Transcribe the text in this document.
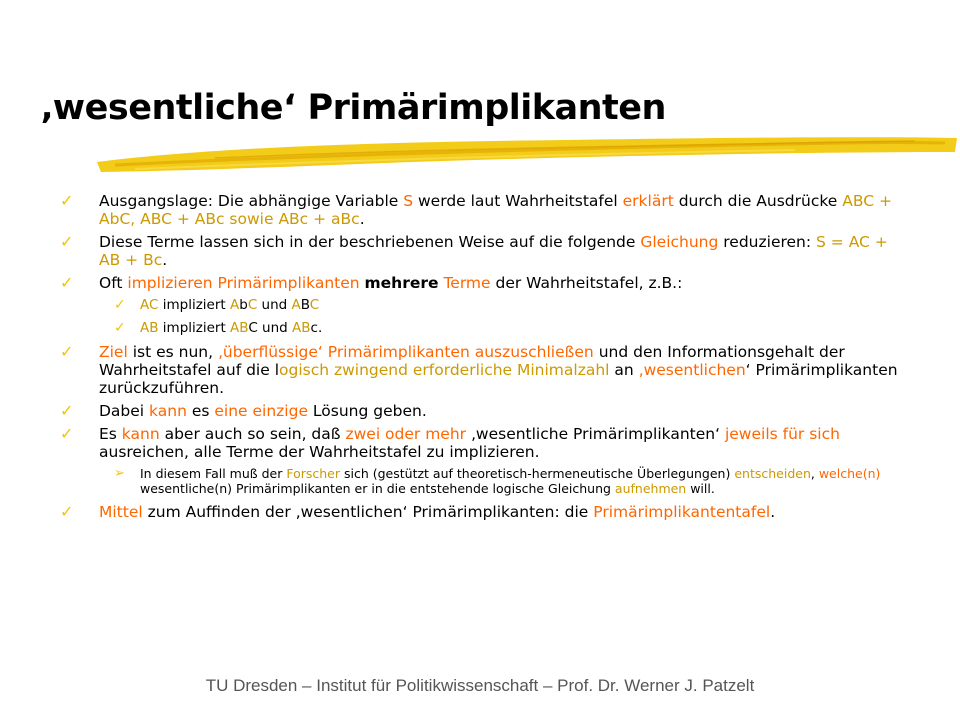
‚wesentliche‘ Primärimplikanten
✓ Ausgangslage: Die abhängige Variable S werde laut Wahrheitstafel erklärt durch die Ausdrücke ABC + AbC, ABC + ABc sowie ABc + aBc.
✓ Diese Terme lassen sich in der beschriebenen Weise auf die folgende Gleichung reduzieren: S = AC + AB + Bc.
✓ Oft implizieren Primärimplikanten mehrere Terme der Wahrheitstafel, z.B.:
✓ AC impliziert AbC und ABC
✓ AB impliziert ABC und ABc.
✓ Ziel ist es nun, ‚überflüssige‘ Primärimplikanten auszuschließen und den Informationsgehalt der Wahrheitstafel auf die logisch zwingend erforderliche Minimalzahl an ‚wesentlichen‘ Primärimplikanten zurückzuführen.
✓ Dabei kann es eine einzige Lösung geben.
✓ Es kann aber auch so sein, daß zwei oder mehr ‚wesentliche Primärimplikanten‘ jeweils für sich ausreichen, alle Terme der Wahrheitstafel zu implizieren.
➢ In diesem Fall muß der Forscher sich (gestützt auf theoretisch-hermeneutische Überlegungen) entscheiden, welche(n) wesentliche(n) Primärimplikanten er in die entstehende logische Gleichung aufnehmen will.
✓ Mittel zum Auffinden der ‚wesentlichen‘ Primärimplikanten: die Primärimplikantentafel.
TU Dresden – Institut für Politikwissenschaft – Prof. Dr. Werner J. Patzelt
